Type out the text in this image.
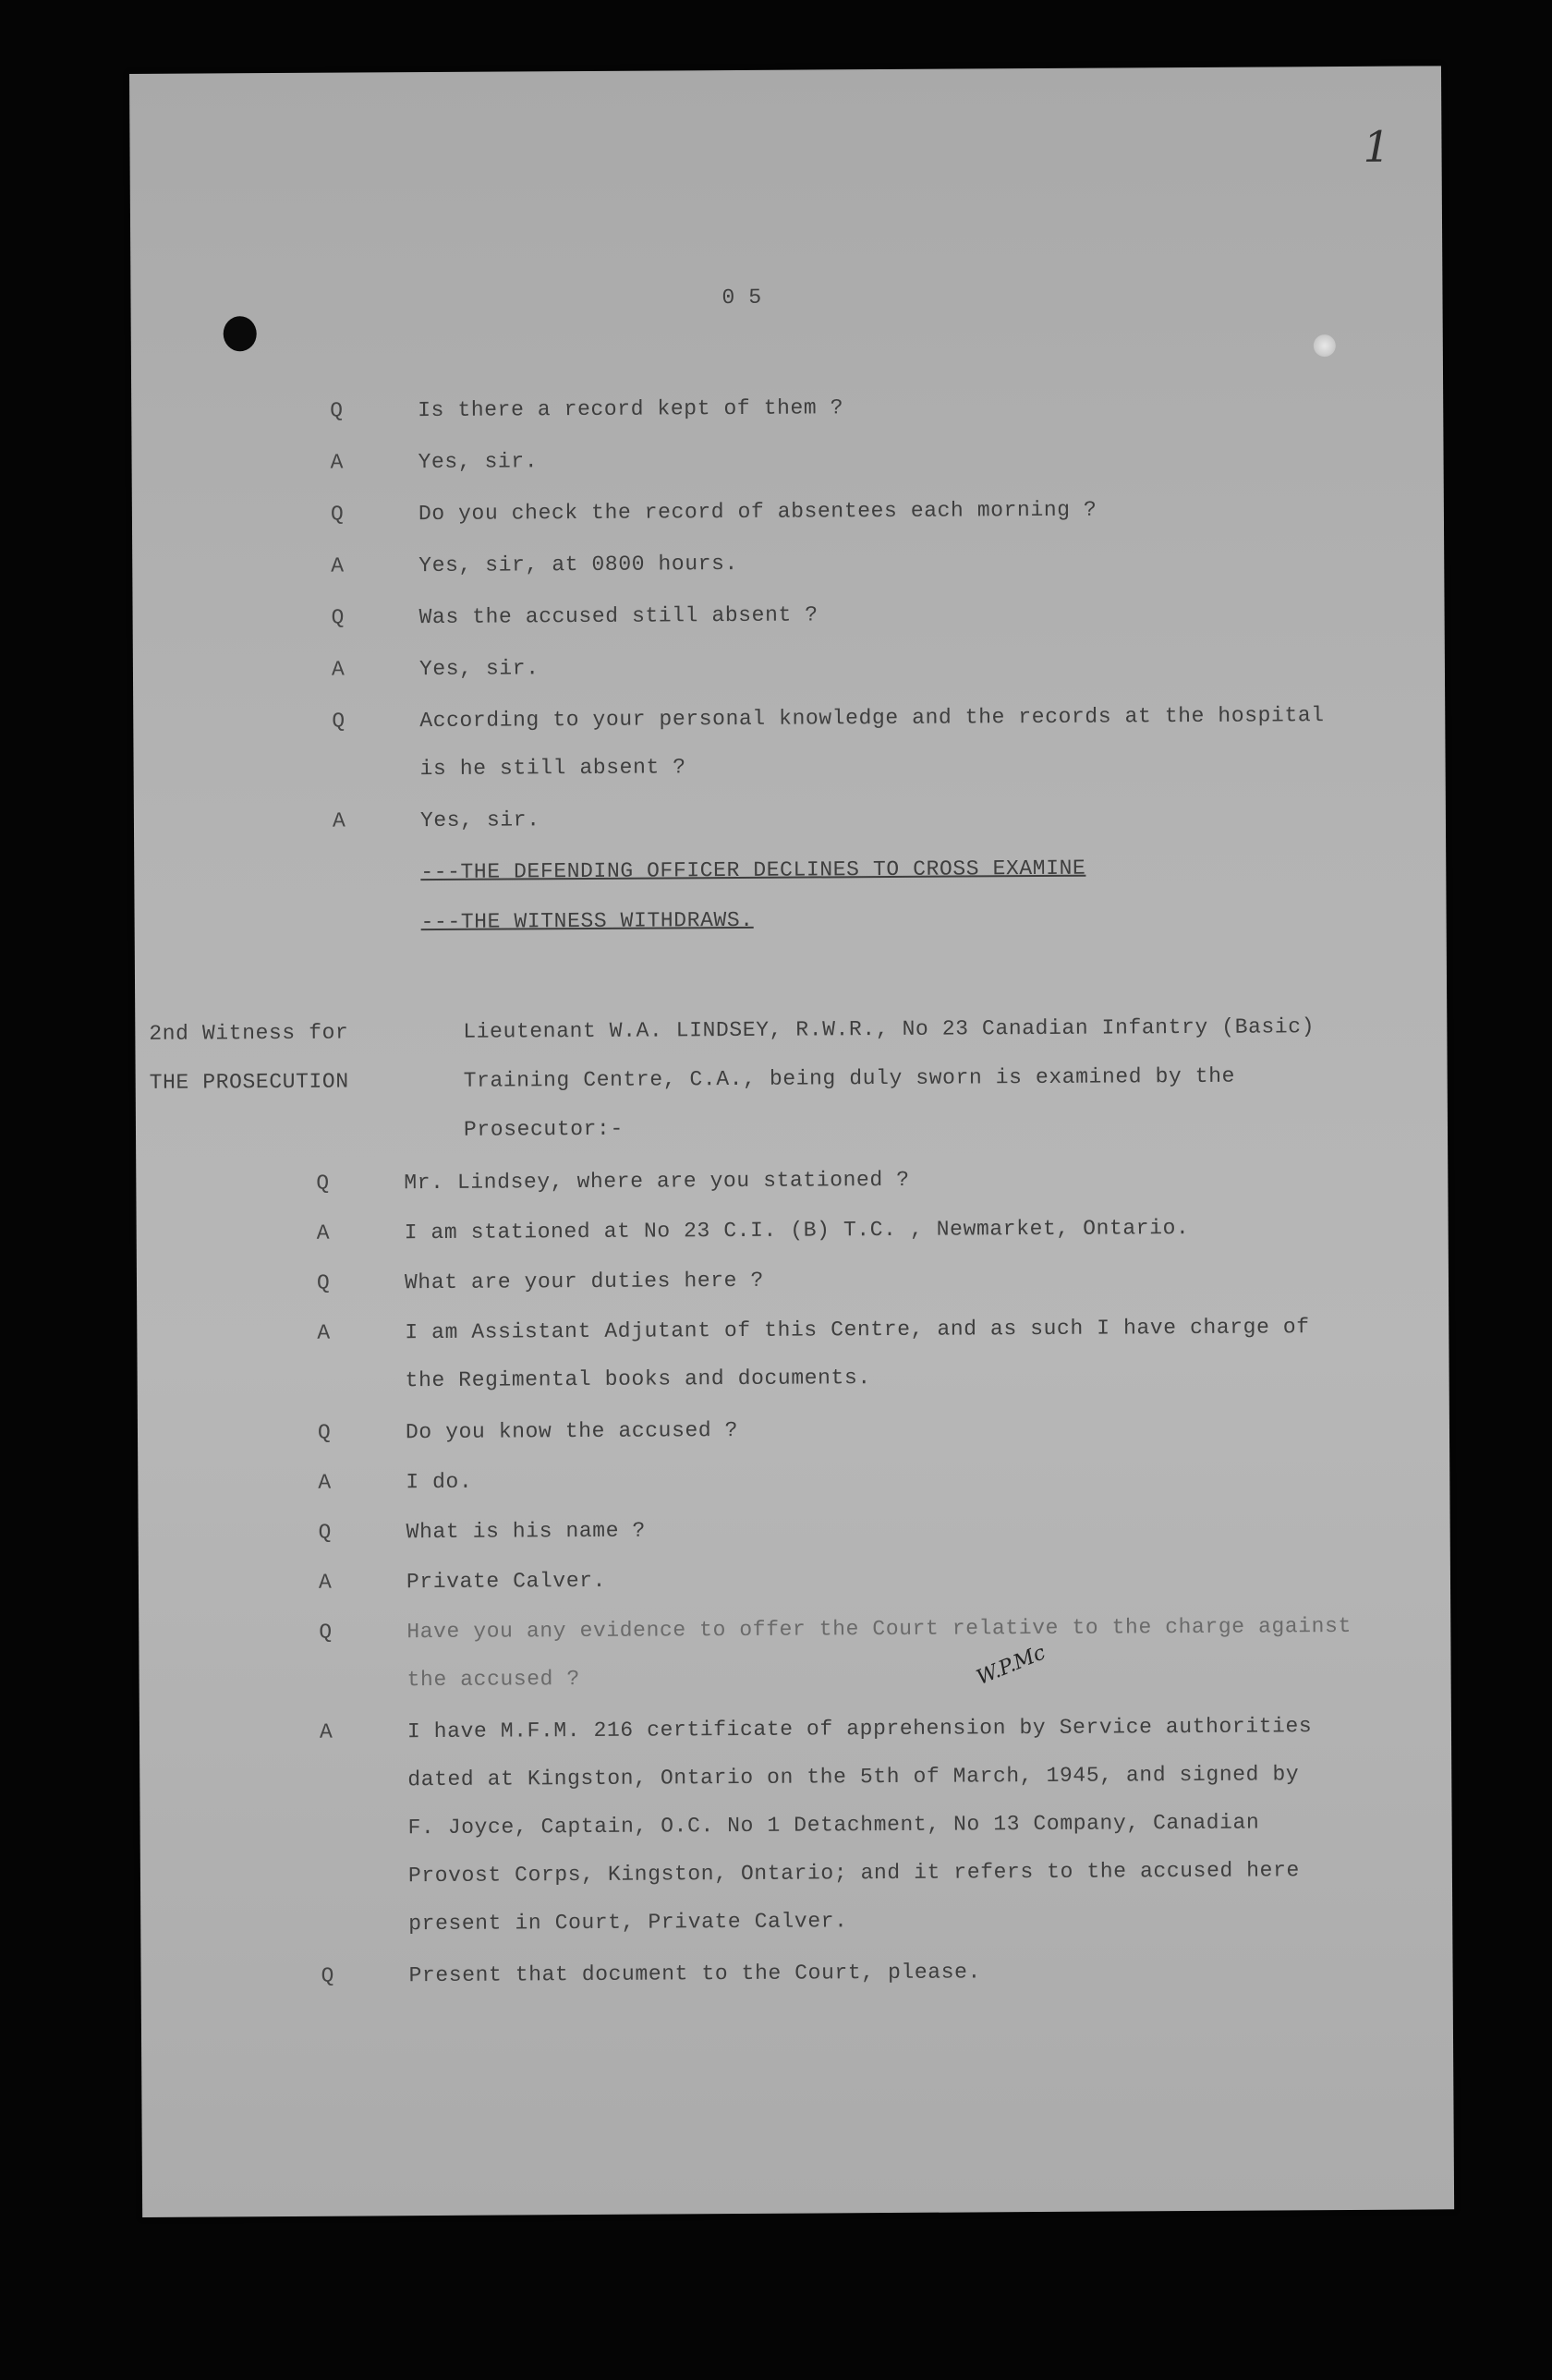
1
0 5
Q	Is there a record kept of them ?
A	Yes, sir.
Q	Do you check the record of absentees each morning ?
A	Yes, sir, at 0800 hours.
Q	Was the accused still absent ?
A	Yes, sir.
Q	According to your personal knowledge and the records at the hospital
is he still absent ?
A	Yes, sir.
---THE DEFENDING OFFICER DECLINES TO CROSS EXAMINE
---THE WITNESS WITHDRAWS.
2nd Witness for
THE PROSECUTION
Lieutenant W.A. LINDSEY, R.W.R., No 23 Canadian Infantry (Basic)
Training Centre, C.A., being duly sworn is examined by the
Prosecutor:-
Q	Mr. Lindsey, where are you stationed ?
A	I am stationed at No 23 C.I. (B) T.C. , Newmarket, Ontario.
Q	What are your duties here ?
A	I am Assistant Adjutant of this Centre, and as such I have charge of
the Regimental books and documents.
Q	Do you know the accused ?
A	I do.
Q	What is his name ?
A	Private Calver.
W.P.Mc
Q	Have you any evidence to offer the Court relative to the charge against
the accused ?
A	I have M.F.M. 216 certificate of apprehension by Service authorities
dated at Kingston, Ontario on the 5th of March, 1945, and signed by
F. Joyce, Captain, O.C. No 1 Detachment, No 13 Company, Canadian
Provost Corps, Kingston, Ontario; and it refers to the accused here
present in Court, Private Calver.
Q	Present that document to the Court, please.
